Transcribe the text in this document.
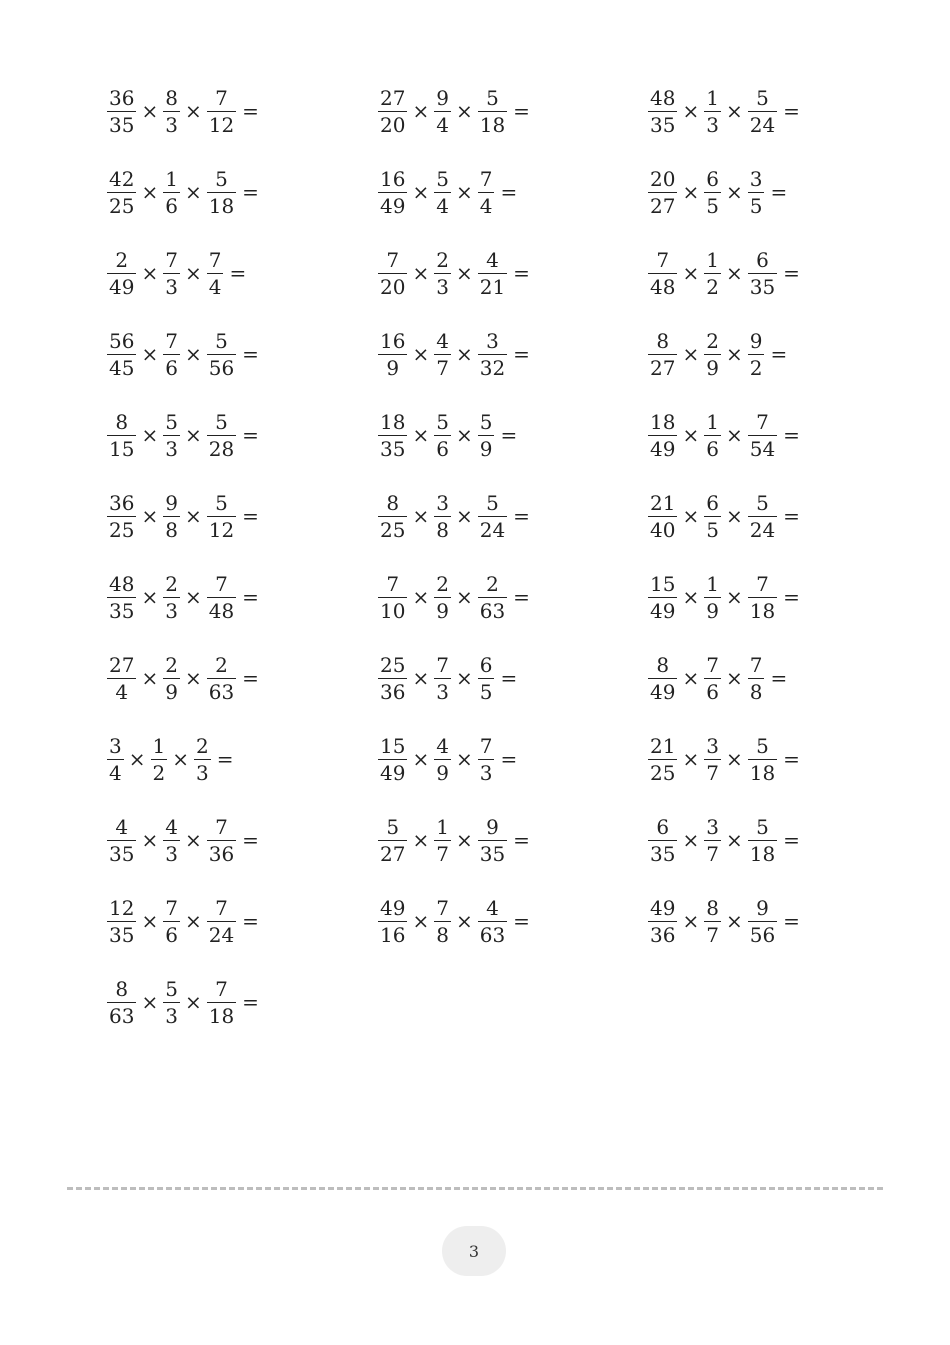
$\frac{36}{35} \times \frac{8}{3} \times \frac{7}{12}$ =
$\frac{42}{25} \times \frac{1}{6} \times \frac{5}{18}$ =
$\frac{2}{49} \times \frac{7}{3} \times \frac{7}{4}$ =
$\frac{56}{45} \times \frac{7}{6} \times \frac{5}{56}$ =
$\frac{8}{15} \times \frac{5}{3} \times \frac{5}{28}$ =
$\frac{36}{25} \times \frac{9}{8} \times \frac{5}{12}$ =
$\frac{48}{35} \times \frac{2}{3} \times \frac{7}{48}$ =
$\frac{27}{4} \times \frac{2}{9} \times \frac{2}{63}$ =
$\frac{3}{4} \times \frac{1}{2} \times \frac{2}{3}$ =
$\frac{4}{35} \times \frac{4}{3} \times \frac{7}{36}$ =
$\frac{12}{35} \times \frac{7}{6} \times \frac{7}{24}$ =
$\frac{8}{63} \times \frac{5}{3} \times \frac{7}{18}$ =
$\frac{27}{20} \times \frac{9}{4} \times \frac{5}{18}$ =
$\frac{16}{49} \times \frac{5}{4} \times \frac{7}{4}$ =
$\frac{7}{20} \times \frac{2}{3} \times \frac{4}{21}$ =
$\frac{16}{9} \times \frac{4}{7} \times \frac{3}{32}$ =
$\frac{18}{35} \times \frac{5}{6} \times \frac{5}{9}$ =
$\frac{8}{25} \times \frac{3}{8} \times \frac{5}{24}$ =
$\frac{7}{10} \times \frac{2}{9} \times \frac{2}{63}$ =
$\frac{25}{36} \times \frac{7}{3} \times \frac{6}{5}$ =
$\frac{15}{49} \times \frac{4}{9} \times \frac{7}{3}$ =
$\frac{5}{27} \times \frac{1}{7} \times \frac{9}{35}$ =
$\frac{49}{16} \times \frac{7}{8} \times \frac{4}{63}$ =
$\frac{48}{35} \times \frac{1}{3} \times \frac{5}{24}$ =
$\frac{20}{27} \times \frac{6}{5} \times \frac{3}{5}$ =
$\frac{7}{48} \times \frac{1}{2} \times \frac{6}{35}$ =
$\frac{8}{27} \times \frac{2}{9} \times \frac{9}{2}$ =
$\frac{18}{49} \times \frac{1}{6} \times \frac{7}{54}$ =
$\frac{21}{40} \times \frac{6}{5} \times \frac{5}{24}$ =
$\frac{15}{49} \times \frac{1}{9} \times \frac{7}{18}$ =
$\frac{8}{49} \times \frac{7}{6} \times \frac{7}{8}$ =
$\frac{21}{25} \times \frac{3}{7} \times \frac{5}{18}$ =
$\frac{6}{35} \times \frac{3}{7} \times \frac{5}{18}$ =
$\frac{49}{36} \times \frac{8}{7} \times \frac{9}{56}$ =
3
